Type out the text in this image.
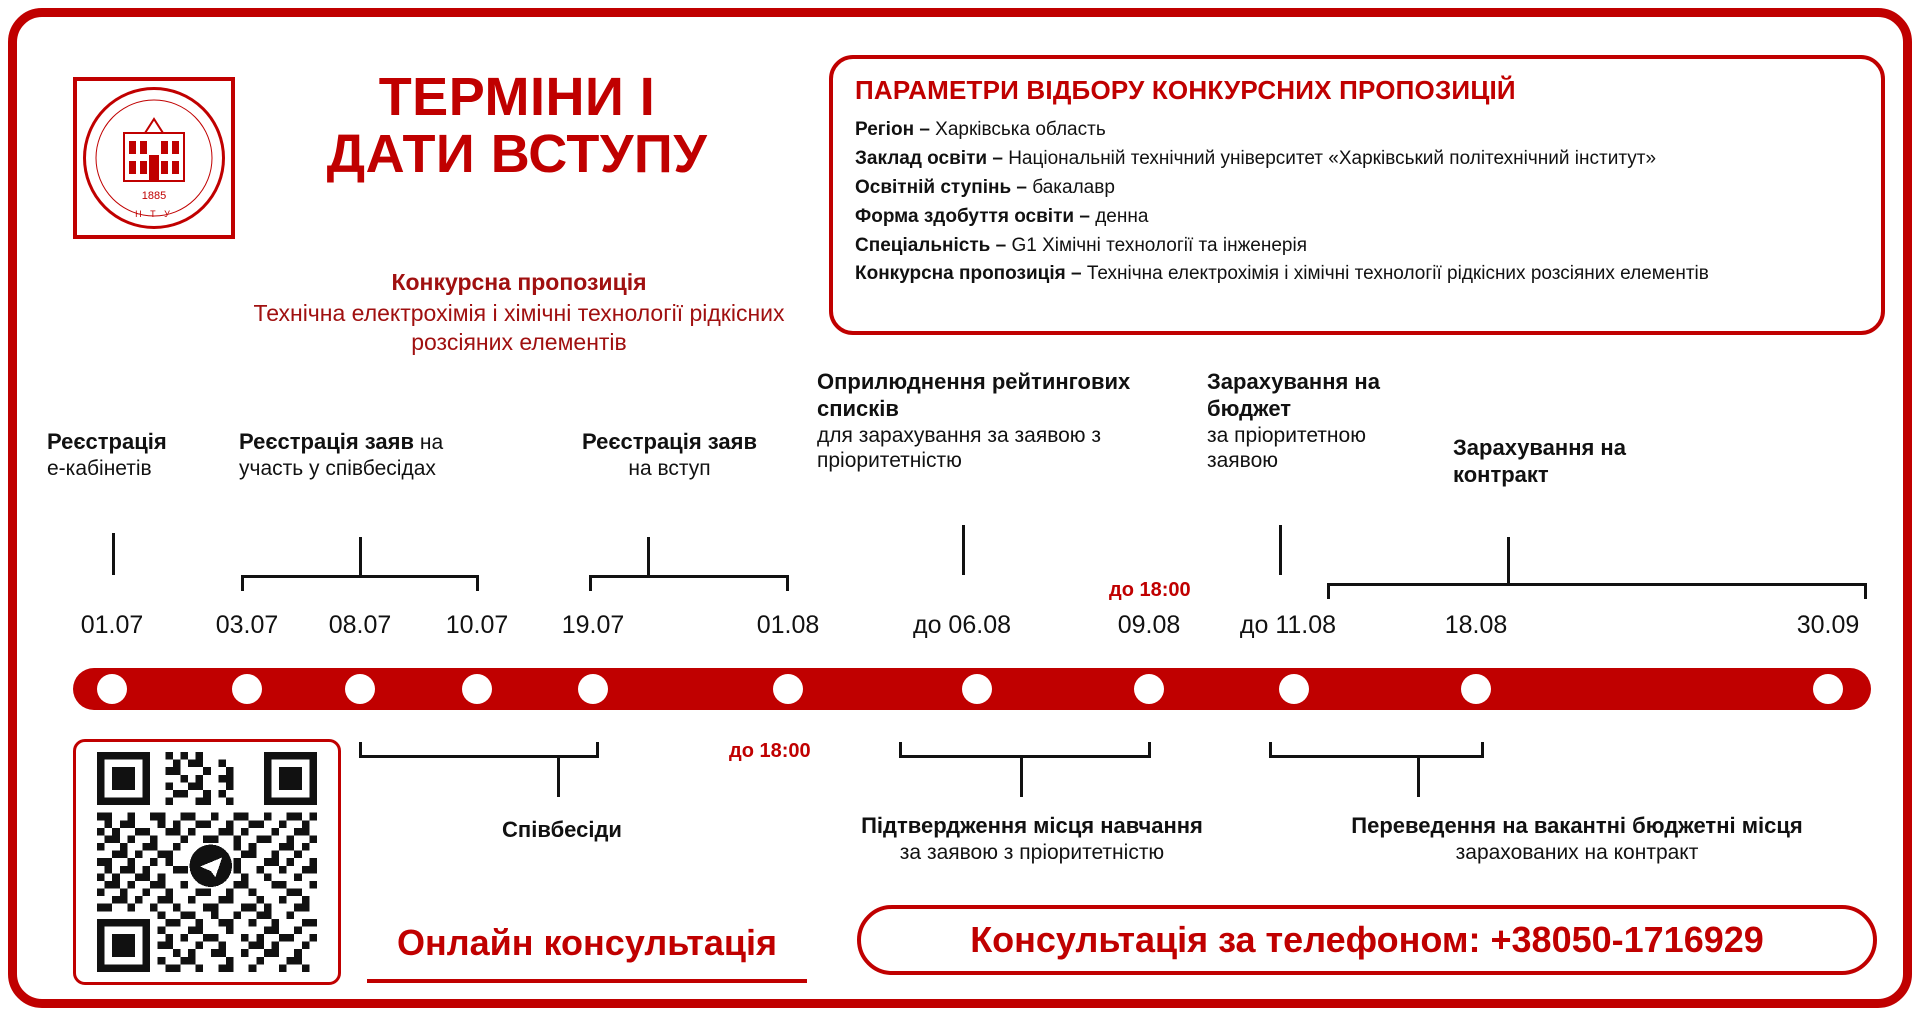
1885
Н Т У
ТЕРМІНИ І
ДАТИ ВСТУПУ
Конкурсна пропозиція
Технічна електрохімія і хімічні технології рідкісних розсіяних елементів
ПАРАМЕТРИ ВІДБОРУ КОНКУРСНИХ ПРОПОЗИЦІЙ
Регіон – Харківська область
Заклад освіти – Національній технічний університет «Харківський політехнічний інститут»
Освітній ступінь – бакалавр
Форма здобуття освіти – денна
Спеціальність – G1 Хімічні технології та інженерія
Конкурсна пропозиція – Технічна електрохімія і хімічні технології рідкісних розсіяних елементів
Реєстрація
е-кабінетів
Реєстрація заяв на участь у співбесідах
Реєстрація заяв
на вступ
Оприлюднення рейтингових списків
для зарахування за заявою з пріоритетністю
Зарахування на бюджет
за пріоритетною заявою
Зарахування на контракт
до 18:00
01.07	03.07	08.07	10.07	19.07	01.08	до 06.08	09.08	до 11.08	18.08	30.09
до 18:00
Співбесіди	Підтвердження місця навчання
за заявою з пріоритетністю
Переведення на вакантні бюджетні місця
зарахованих на контракт
Онлайн консультація	Консультація за телефоном: +38050-1716929
